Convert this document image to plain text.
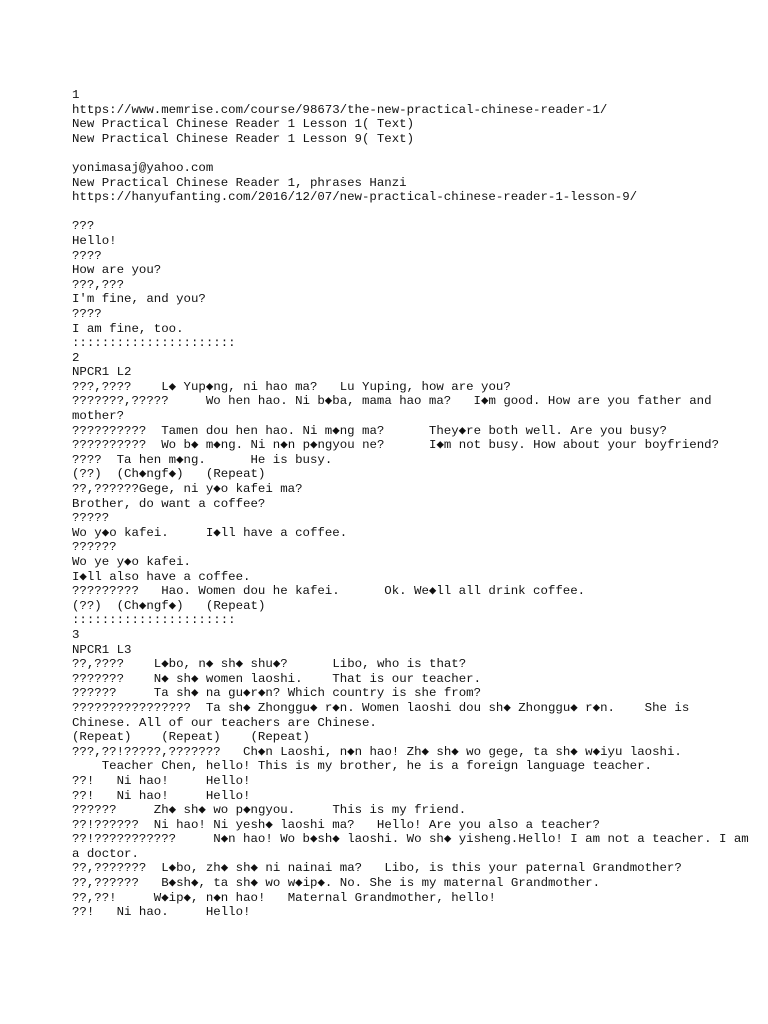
1
https://www.memrise.com/course/98673/the-new-practical-chinese-reader-1/
New Practical Chinese Reader 1 Lesson 1( Text)
New Practical Chinese Reader 1 Lesson 9( Text)
yonimasaj@yahoo.com
New Practical Chinese Reader 1, phrases Hanzi
https://hanyufanting.com/2016/12/07/new-practical-chinese-reader-1-lesson-9/
???
Hello!
????
How are you?
???,???
I'm fine, and you?
????
I am fine, too.
::::::::::::::::::::::
2
NPCR1 L2
???,????    L◆ Yup◆ng, ni hao ma?   Lu Yuping, how are you?
???????,?????     Wo hen hao. Ni b◆ba, mama hao ma?   I◆m good. How are you father and mother?
??????????  Tamen dou hen hao. Ni m◆ng ma?      They◆re both well. Are you busy?
??????????  Wo b◆ m◆ng. Ni n◆n p◆ngyou ne?      I◆m not busy. How about your boyfriend?
????  Ta hen m◆ng.      He is busy.
(??)  (Ch◆ngf◆)   (Repeat)
??,??????Gege, ni y◆o kafei ma?
Brother, do want a coffee?
?????
Wo y◆o kafei.     I◆ll have a coffee.
??????
Wo ye y◆o kafei.
I◆ll also have a coffee.
?????????   Hao. Women dou he kafei.      Ok. We◆ll all drink coffee.
(??)  (Ch◆ngf◆)   (Repeat)
::::::::::::::::::::::
3
NPCR1 L3
??,????    L◆bo, n◆ sh◆ shu◆?      Libo, who is that?
???????    N◆ sh◆ women laoshi.    That is our teacher.
??????     Ta sh◆ na gu◆r◆n? Which country is she from?
????????????????  Ta sh◆ Zhonggu◆ r◆n. Women laoshi dou sh◆ Zhonggu◆ r◆n.    She is Chinese. All of our teachers are Chinese.
(Repeat)    (Repeat)    (Repeat)
???,??!?????,???????   Ch◆n Laoshi, n◆n hao! Zh◆ sh◆ wo gege, ta sh◆ w◆iyu laoshi.
Teacher Chen, hello! This is my brother, he is a foreign language teacher.
??!   Ni hao!     Hello!
??!   Ni hao!     Hello!
??????     Zh◆ sh◆ wo p◆ngyou.     This is my friend.
??!??????  Ni hao! Ni yesh◆ laoshi ma?   Hello! Are you also a teacher?
??!???????????     N◆n hao! Wo b◆sh◆ laoshi. Wo sh◆ yisheng.Hello! I am not a teacher. I am a doctor.
??,???????  L◆bo, zh◆ sh◆ ni nainai ma?   Libo, is this your paternal Grandmother?
??,??????   B◆sh◆, ta sh◆ wo w◆ip◆. No. She is my maternal Grandmother.
??,??!     W◆ip◆, n◆n hao!   Maternal Grandmother, hello!
??!   Ni hao.     Hello!
